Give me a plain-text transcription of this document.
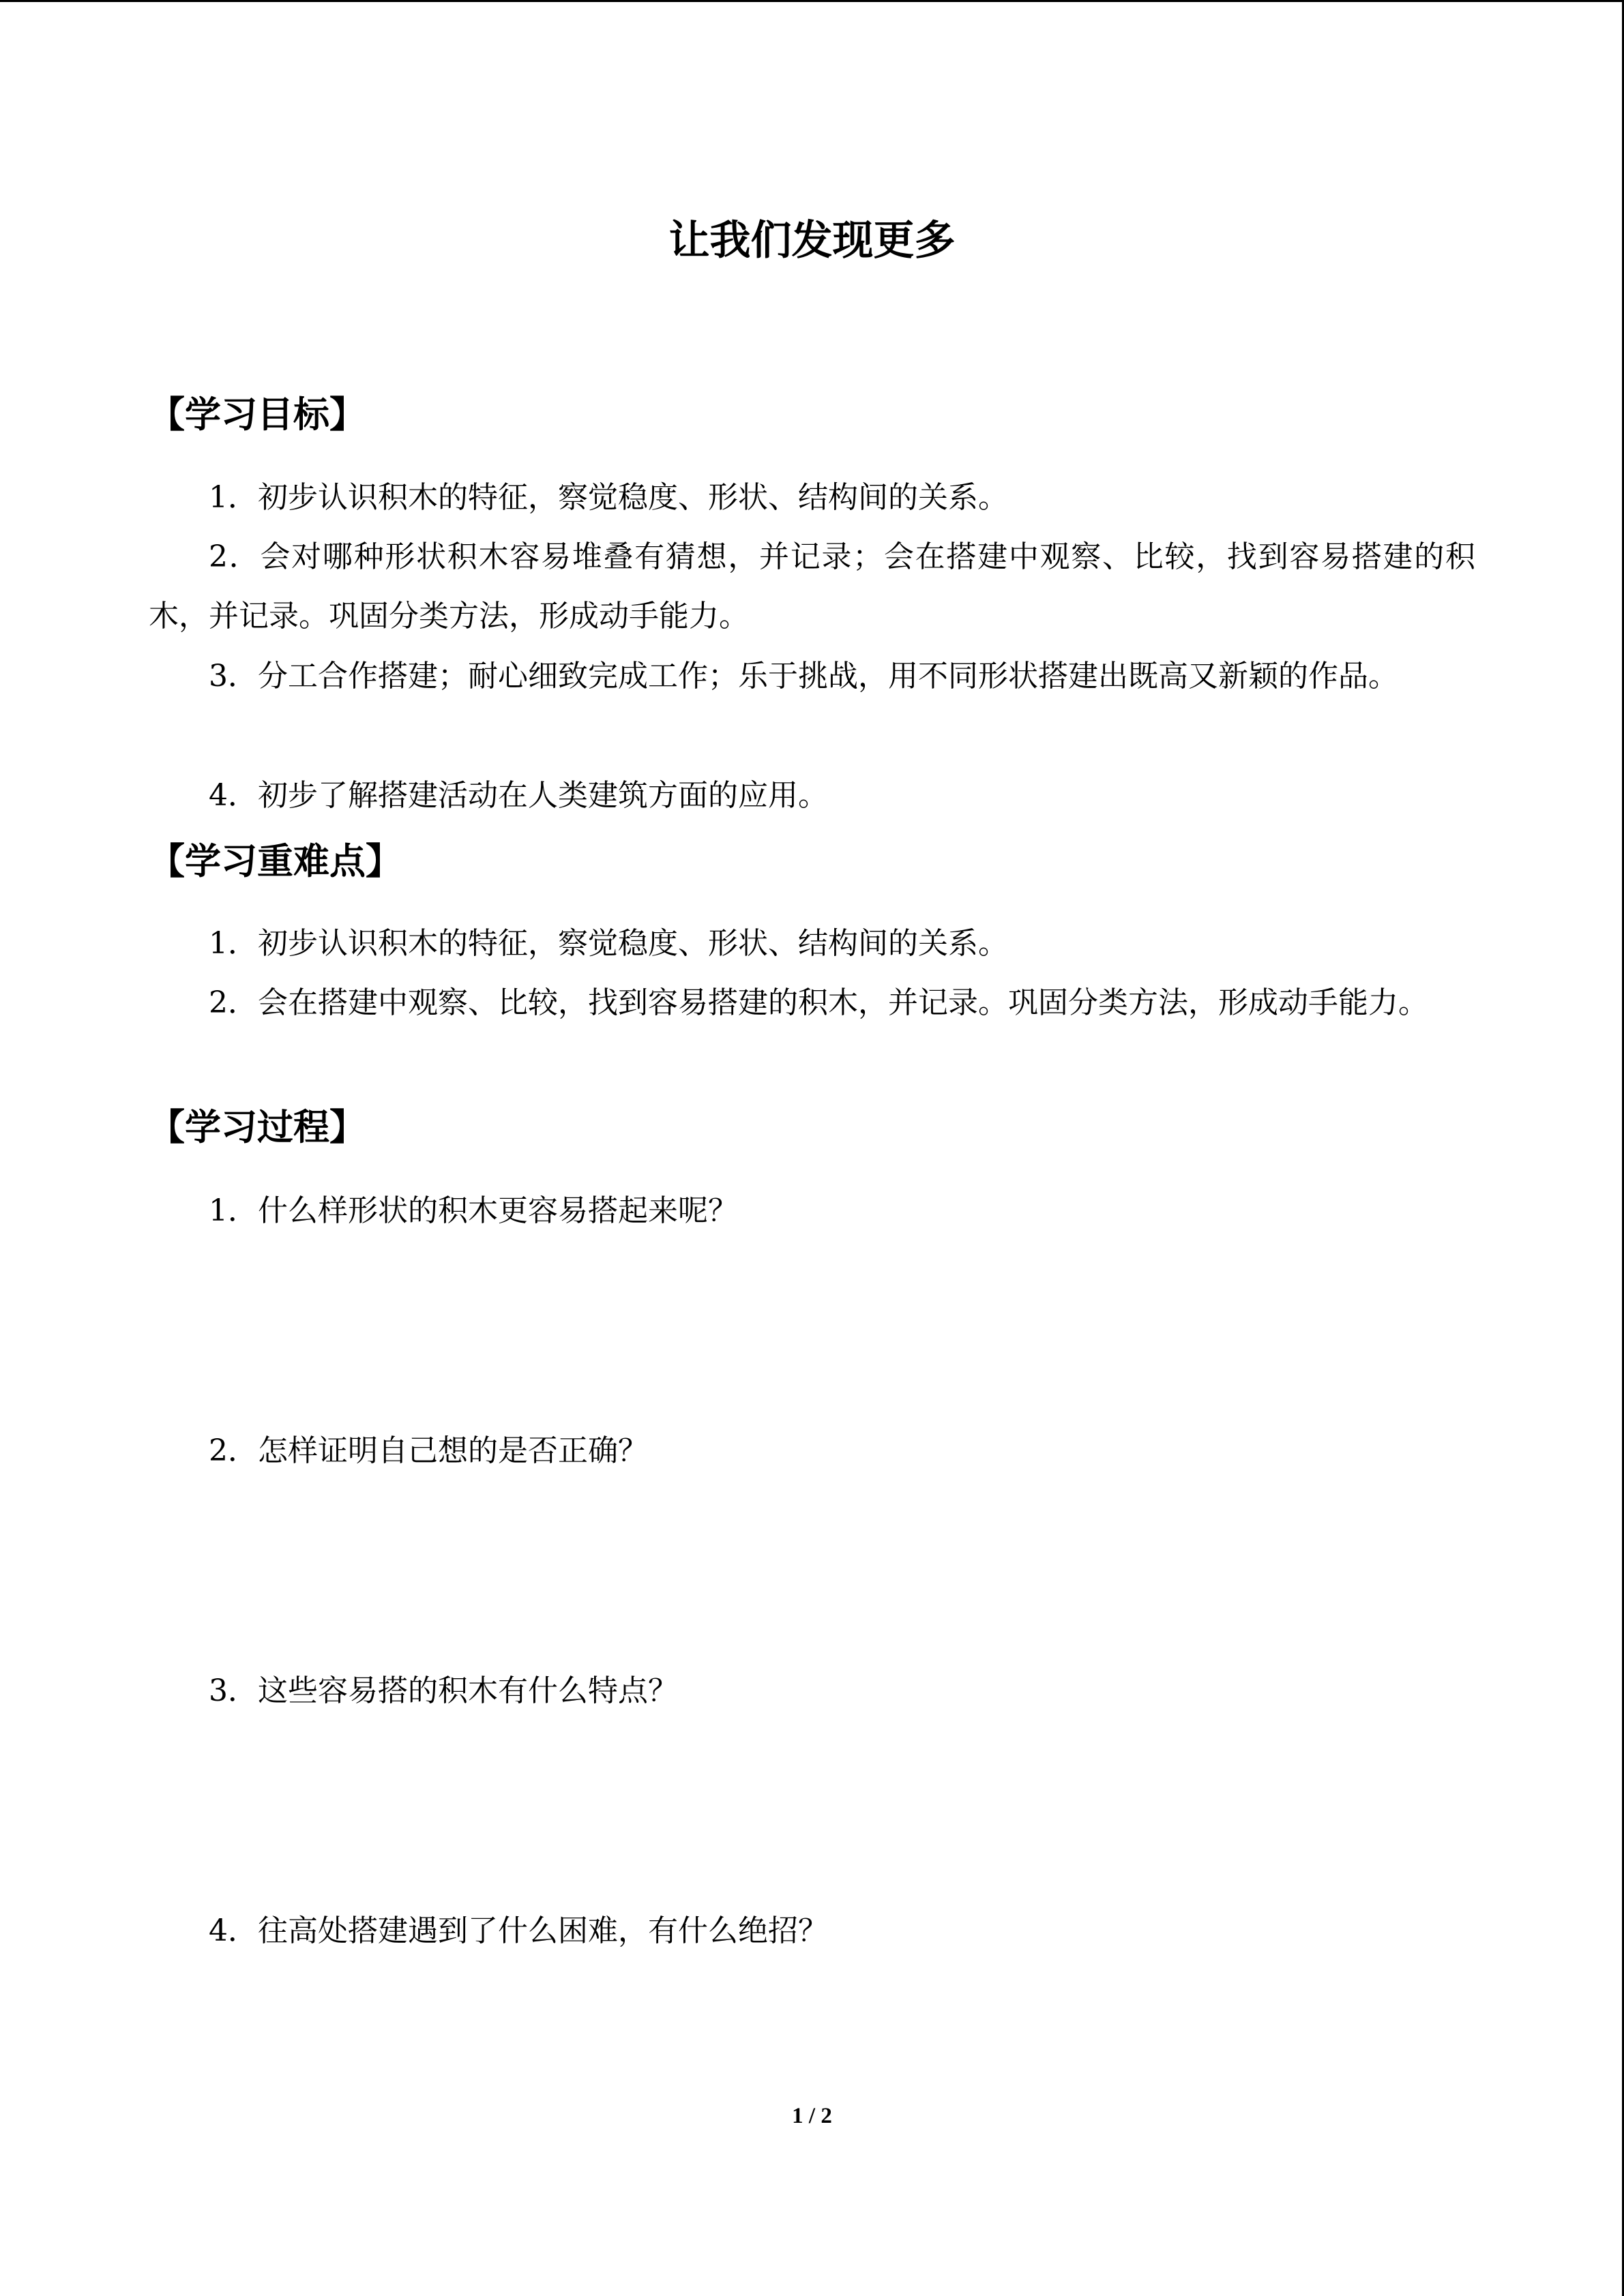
让我们发现更多
【学习目标】

1．初步认识积木的特征，察觉稳度、形状、结构间的关系。

2．会对哪种形状积木容易堆叠有猜想，并记录；会在搭建中观察、比较，找到容易搭建的积木，并记录。巩固分类方法，形成动手能力。

3．分工合作搭建；耐心细致完成工作；乐于挑战，用不同形状搭建出既高又新颖的作品。

4．初步了解搭建活动在人类建筑方面的应用。

【学习重难点】

1．初步认识积木的特征，察觉稳度、形状、结构间的关系。

2．会在搭建中观察、比较，找到容易搭建的积木，并记录。巩固分类方法，形成动手能力。

【学习过程】
1．什么样形状的积木更容易搭起来呢？
2．怎样证明自己想的是否正确？
3．这些容易搭的积木有什么特点？
4．往高处搭建遇到了什么困难，有什么绝招？
1 / 2
